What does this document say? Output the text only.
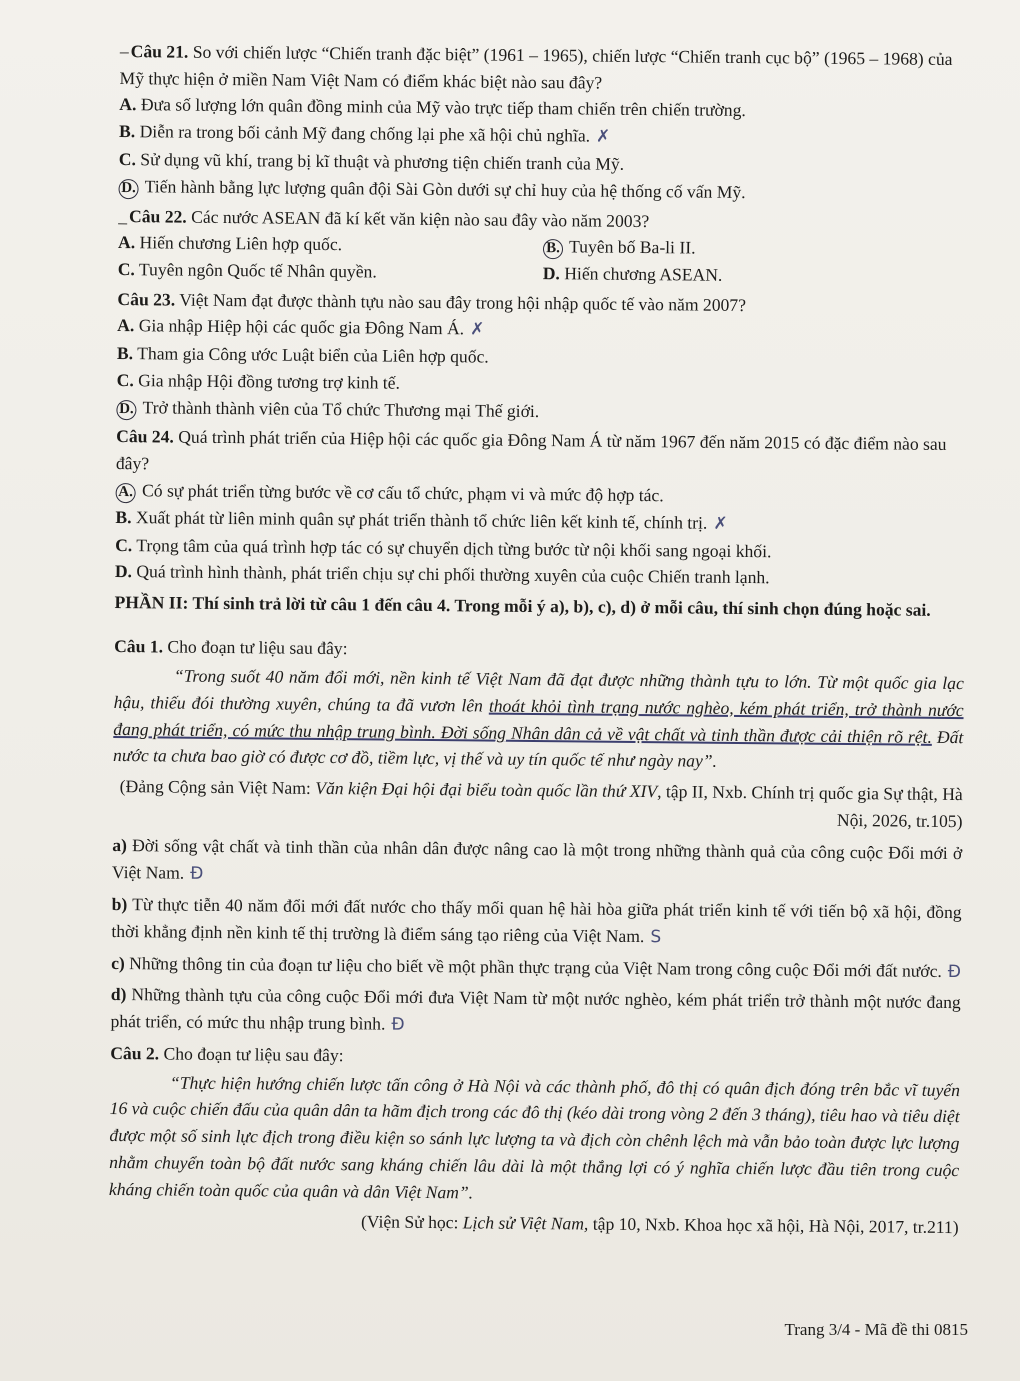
– Câu 21. So với chiến lược “Chiến tranh đặc biệt” (1961 – 1965), chiến lược “Chiến tranh cục bộ” (1965 – 1968) của Mỹ thực hiện ở miền Nam Việt Nam có điểm khác biệt nào sau đây?

A. Đưa số lượng lớn quân đồng minh của Mỹ vào trực tiếp tham chiến trên chiến trường.

B. Diễn ra trong bối cảnh Mỹ đang chống lại phe xã hội chủ nghĩa. ✗

C. Sử dụng vũ khí, trang bị kĩ thuật và phương tiện chiến tranh của Mỹ.

D. Tiến hành bằng lực lượng quân đội Sài Gòn dưới sự chỉ huy của hệ thống cố vấn Mỹ.

_ Câu 22. Các nước ASEAN đã kí kết văn kiện nào sau đây vào năm 2003?

A. Hiến chương Liên hợp quốc.

C. Tuyên ngôn Quốc tế Nhân quyền.

B. Tuyên bố Ba-li II.

D. Hiến chương ASEAN.

Câu 23. Việt Nam đạt được thành tựu nào sau đây trong hội nhập quốc tế vào năm 2007?

A. Gia nhập Hiệp hội các quốc gia Đông Nam Á. ✗

B. Tham gia Công ước Luật biển của Liên hợp quốc.

C. Gia nhập Hội đồng tương trợ kinh tế.

D. Trở thành thành viên của Tổ chức Thương mại Thế giới.

Câu 24. Quá trình phát triển của Hiệp hội các quốc gia Đông Nam Á từ năm 1967 đến năm 2015 có đặc điểm nào sau đây?

A. Có sự phát triển từng bước về cơ cấu tổ chức, phạm vi và mức độ hợp tác.

B. Xuất phát từ liên minh quân sự phát triển thành tổ chức liên kết kinh tế, chính trị. ✗

C. Trọng tâm của quá trình hợp tác có sự chuyển dịch từng bước từ nội khối sang ngoại khối.

D. Quá trình hình thành, phát triển chịu sự chi phối thường xuyên của cuộc Chiến tranh lạnh.

PHẦN II: Thí sinh trả lời từ câu 1 đến câu 4. Trong mỗi ý a), b), c), d) ở mỗi câu, thí sinh chọn đúng hoặc sai.

Câu 1. Cho đoạn tư liệu sau đây:

“Trong suốt 40 năm đổi mới, nền kinh tế Việt Nam đã đạt được những thành tựu to lớn. Từ một quốc gia lạc hậu, thiếu đói thường xuyên, chúng ta đã vươn lên thoát khỏi tình trạng nước nghèo, kém phát triển, trở thành nước đang phát triển, có mức thu nhập trung bình. Đời sống Nhân dân cả về vật chất và tinh thần được cải thiện rõ rệt. Đất nước ta chưa bao giờ có được cơ đồ, tiềm lực, vị thế và uy tín quốc tế như ngày nay”.

(Đảng Cộng sản Việt Nam: Văn kiện Đại hội đại biểu toàn quốc lần thứ XIV, tập II, Nxb. Chính trị quốc gia Sự thật, Hà Nội, 2026, tr.105)

a) Đời sống vật chất và tinh thần của nhân dân được nâng cao là một trong những thành quả của công cuộc Đổi mới ở Việt Nam. Đ

b) Từ thực tiễn 40 năm đổi mới đất nước cho thấy mối quan hệ hài hòa giữa phát triển kinh tế với tiến bộ xã hội, đồng thời khẳng định nền kinh tế thị trường là điểm sáng tạo riêng của Việt Nam. S

c) Những thông tin của đoạn tư liệu cho biết về một phần thực trạng của Việt Nam trong công cuộc Đổi mới đất nước. Đ

d) Những thành tựu của công cuộc Đổi mới đưa Việt Nam từ một nước nghèo, kém phát triển trở thành một nước đang phát triển, có mức thu nhập trung bình. Đ

Câu 2. Cho đoạn tư liệu sau đây:

“Thực hiện hướng chiến lược tấn công ở Hà Nội và các thành phố, đô thị có quân địch đóng trên bắc vĩ tuyến 16 và cuộc chiến đấu của quân dân ta hãm địch trong các đô thị (kéo dài trong vòng 2 đến 3 tháng), tiêu hao và tiêu diệt được một số sinh lực địch trong điều kiện so sánh lực lượng ta và địch còn chênh lệch mà vẫn bảo toàn được lực lượng nhằm chuyển toàn bộ đất nước sang kháng chiến lâu dài là một thắng lợi có ý nghĩa chiến lược đầu tiên trong cuộc kháng chiến toàn quốc của quân và dân Việt Nam”.

(Viện Sử học: Lịch sử Việt Nam, tập 10, Nxb. Khoa học xã hội, Hà Nội, 2017, tr.211)

Trang 3/4 - Mã đề thi 0815
